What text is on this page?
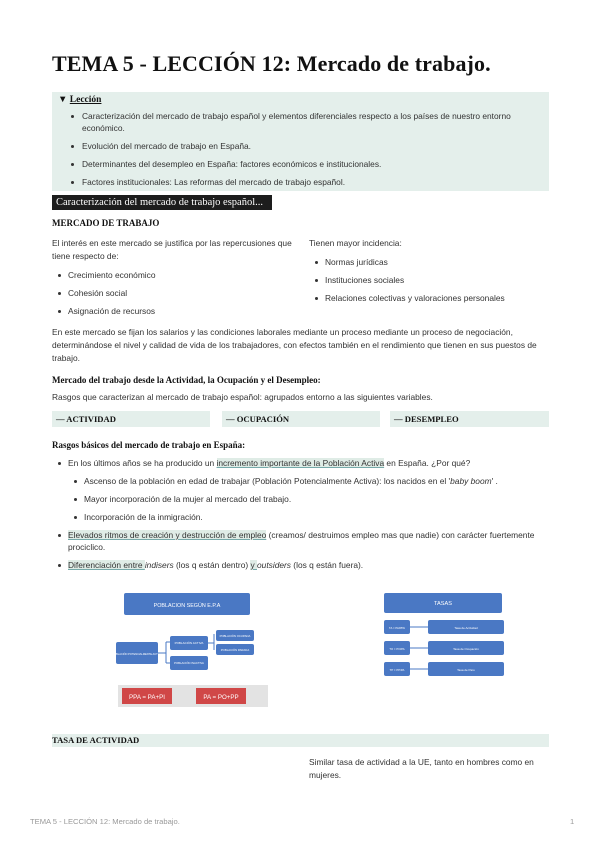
TEMA 5 - LECCIÓN 12: Mercado de trabajo.
▼ Lección
Caracterización del mercado de trabajo español y elementos diferenciales respecto a los países de nuestro entorno económico.
Evolución del mercado de trabajo en España.
Determinantes del desempleo en España: factores económicos e institucionales.
Factores institucionales: Las reformas del mercado de trabajo español.
Caracterización del mercado de trabajo español...
MERCADO DE TRABAJO
El interés en este mercado se justifica por las repercusiones que tiene respecto de:
Crecimiento económico
Cohesión social
Asignación de recursos
Tienen mayor incidencia:
Normas jurídicas
Instituciones sociales
Relaciones colectivas y valoraciones personales
En este mercado se fijan los salarios y las condiciones laborales mediante un proceso mediante un proceso de negociación, determinándose el nivel y calidad de vida de los trabajadores, con efectos también en el rendimiento que tienen en sus puestos de trabajo.
Mercado del trabajo desde la Actividad, la Ocupación y el Desempleo:
Rasgos que caracterizan al mercado de trabajo español: agrupados entorno a las siguientes variables.
— ACTIVIDAD	— OCUPACIÓN	— DESEMPLEO
Rasgos básicos del mercado de trabajo en España:
En los últimos años se ha producido un incremento importante de la Población Activa en España. ¿Por qué?
Ascenso de la población en edad de trabajar (Población Potencialmente Activa): los nacidos en el 'baby boom' .
Mayor incorporación de la mujer al mercado del trabajo.
Incorporación de la inmigración.
Elevados ritmos de creación y destrucción de empleo (creamos/ destruimos empleo mas que nadie) con carácter fuertemente prociclico.
Diferenciación entre indisers (los q están dentro) y outsiders (los q están fuera).
POBLACION SEGÚN E.P.A
POBLACIÓN POTENCIALMENTE ACTIVA
POBLACIÓN ACTIVA
POBLACIÓN INACTIVA
POBLACIÓN OCUPADA
POBLACIÓN PARADA
PPA = PA+PI	PA = PO+PP
TASAS
TA = PA/PPA	Tasa de Actividad
TO = PO/PA	Tasa de Ocupación
TP = PP/PA	Tasa de Paro
TASA DE ACTIVIDAD
Similar tasa de actividad a la UE, tanto en hombres como en mujeres.
TEMA 5 - LECCIÓN 12: Mercado de trabajo.	1
